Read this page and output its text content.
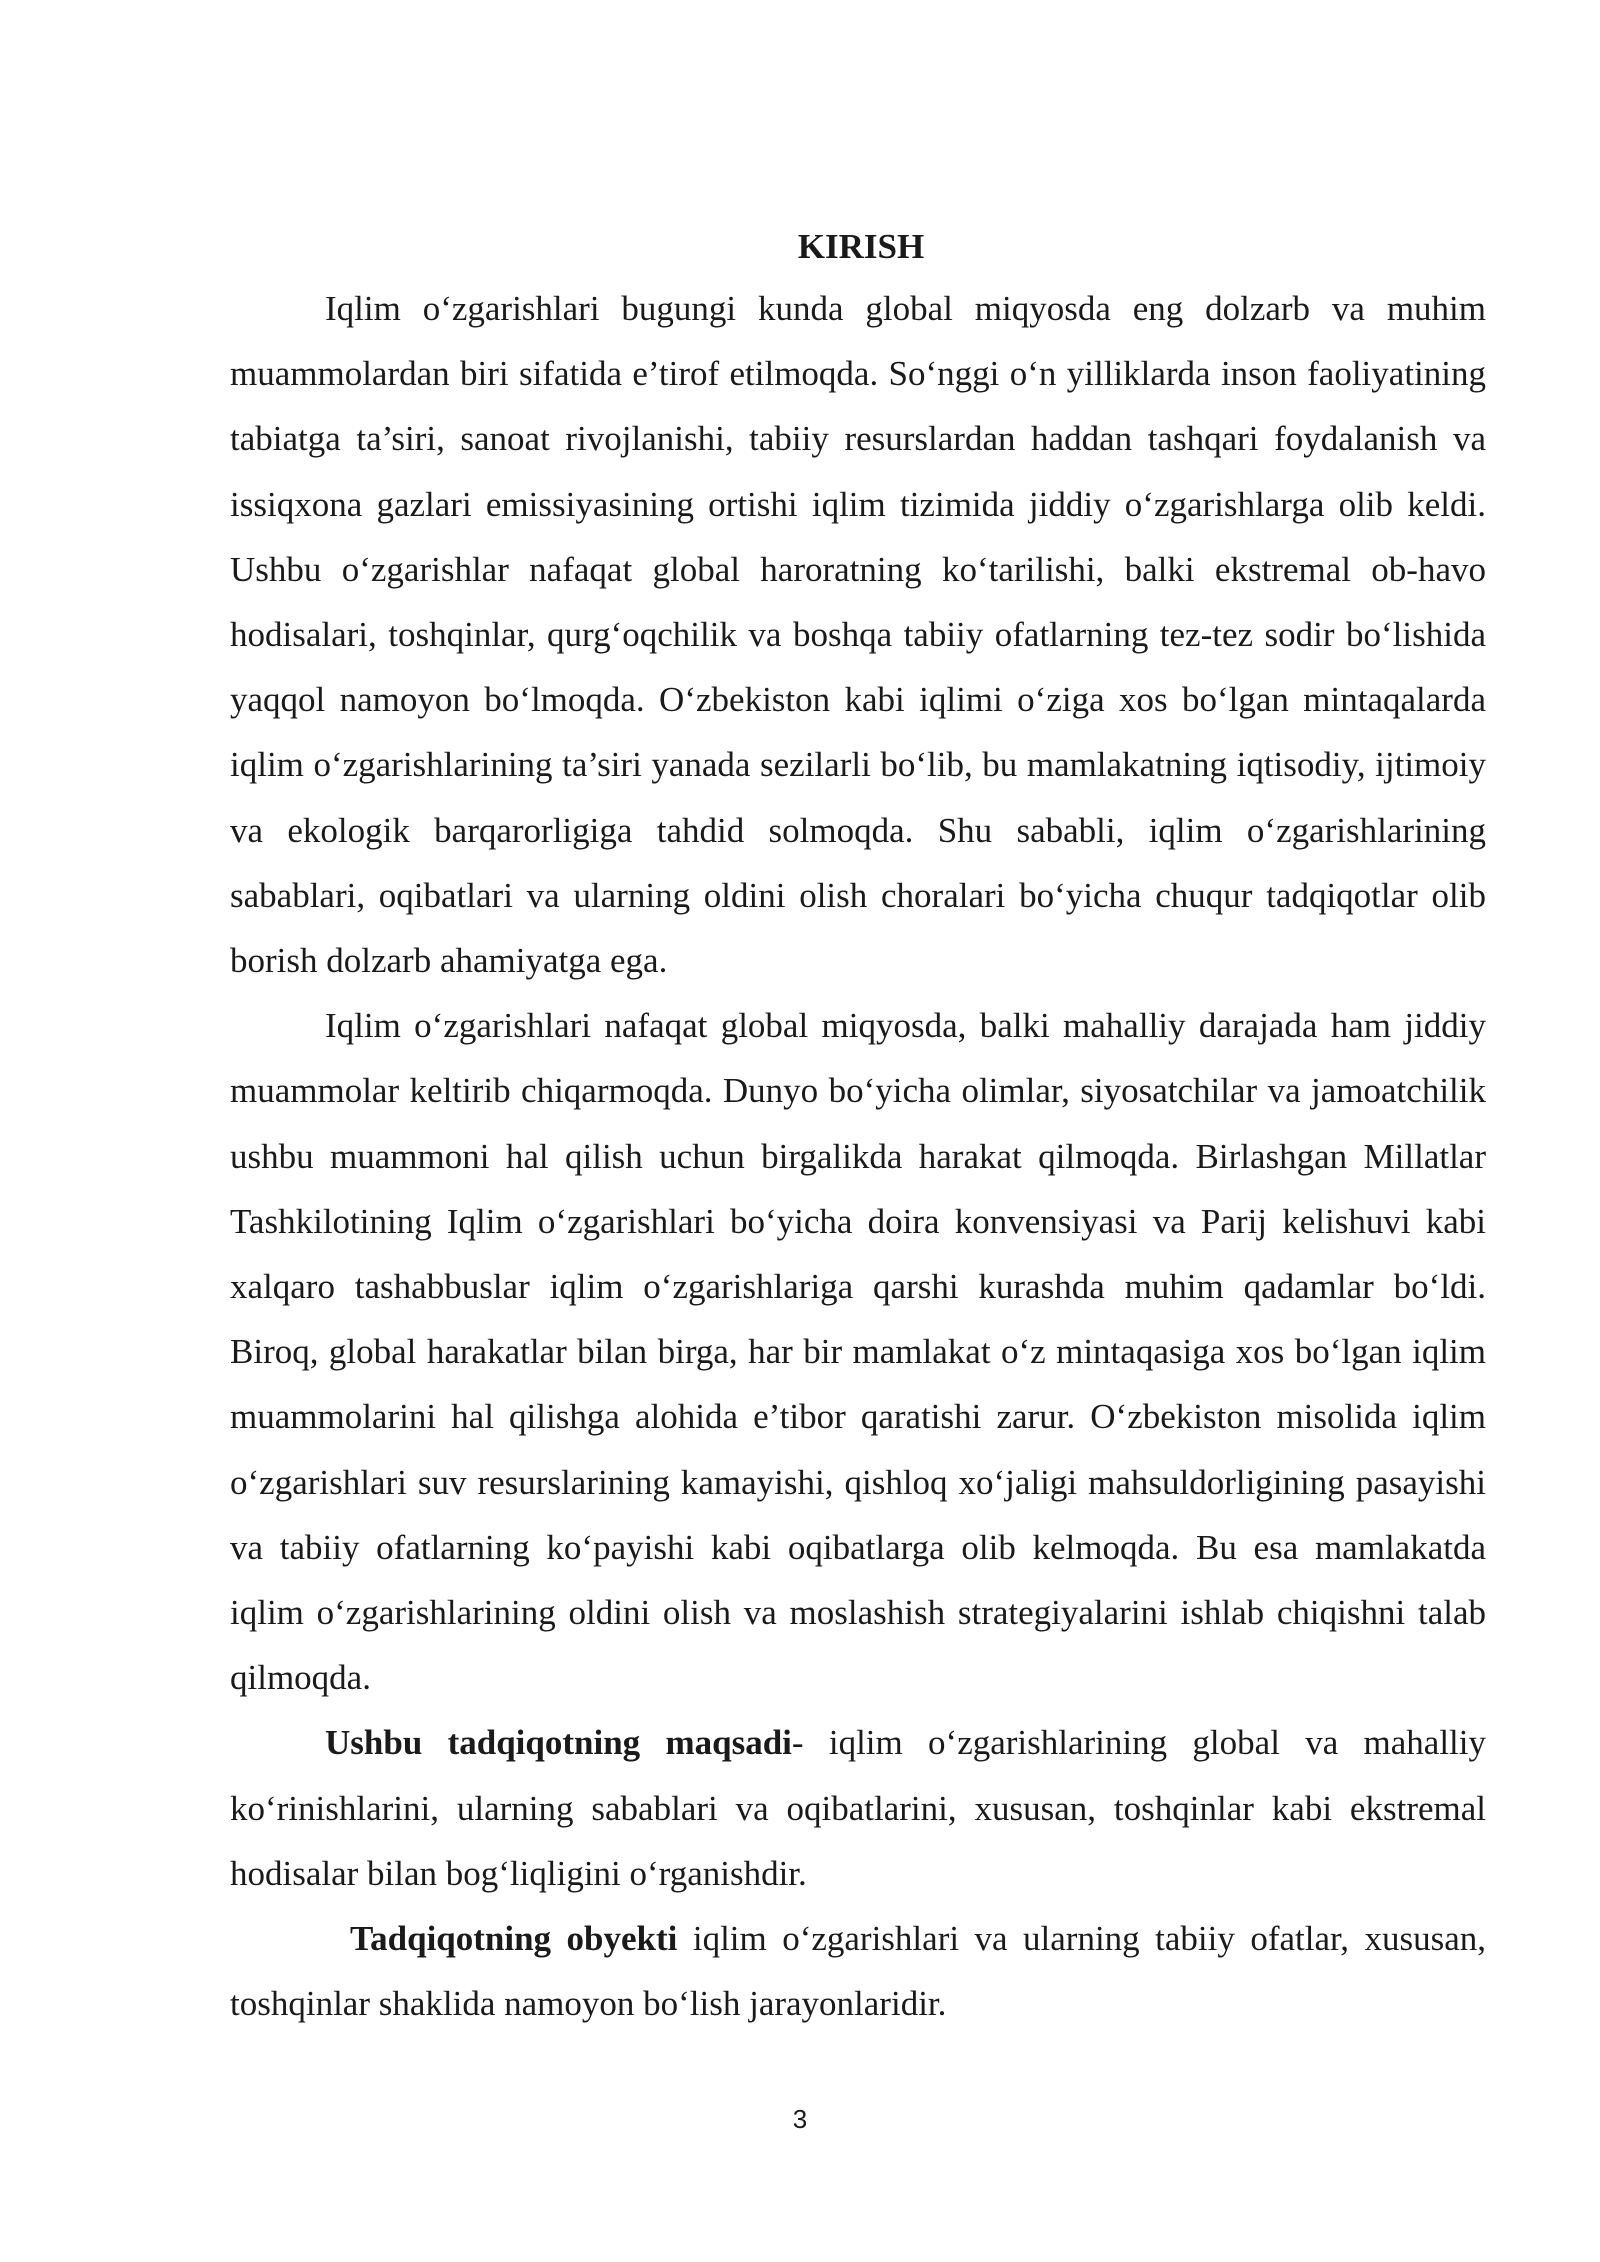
KIRISH

Iqlim o‘zgarishlari bugungi kunda global miqyosda eng dolzarb va muhim muammolardan biri sifatida e’tirof etilmoqda. So‘nggi o‘n yilliklarda inson faoliyatining tabiatga ta’siri, sanoat rivojlanishi, tabiiy resurslardan haddan tashqari foydalanish va issiqxona gazlari emissiyasining ortishi iqlim tizimida jiddiy o‘zgarishlarga olib keldi. Ushbu o‘zgarishlar nafaqat global haroratning ko‘tarilishi, balki ekstremal ob-havo hodisalari, toshqinlar, qurg‘oqchilik va boshqa tabiiy ofatlarning tez-tez sodir bo‘lishida yaqqol namoyon bo‘lmoqda. O‘zbekiston kabi iqlimi o‘ziga xos bo‘lgan mintaqalarda iqlim o‘zgarishlarining ta’siri yanada sezilarli bo‘lib, bu mamlakatning iqtisodiy, ijtimoiy va ekologik barqarorligiga tahdid solmoqda. Shu sababli, iqlim o‘zgarishlarining sabablari, oqibatlari va ularning oldini olish choralari bo‘yicha chuqur tadqiqotlar olib borish dolzarb ahamiyatga ega.

Iqlim o‘zgarishlari nafaqat global miqyosda, balki mahalliy darajada ham jiddiy muammolar keltirib chiqarmoqda. Dunyo bo‘yicha olimlar, siyosatchilar va jamoatchilik ushbu muammoni hal qilish uchun birgalikda harakat qilmoqda. Birlashgan Millatlar Tashkilotining Iqlim o‘zgarishlari bo‘yicha doira konvensiyasi va Parij kelishuvi kabi xalqaro tashabbuslar iqlim o‘zgarishlariga qarshi kurashda muhim qadamlar bo‘ldi. Biroq, global harakatlar bilan birga, har bir mamlakat o‘z mintaqasiga xos bo‘lgan iqlim muammolarini hal qilishga alohida e’tibor qaratishi zarur. O‘zbekiston misolida iqlim o‘zgarishlari suv resurslarining kamayishi, qishloq xo‘jaligi mahsuldorligining pasayishi va tabiiy ofatlarning ko‘payishi kabi oqibatlarga olib kelmoqda. Bu esa mamlakatda iqlim o‘zgarishlarining oldini olish va moslashish strategiyalarini ishlab chiqishni talab qilmoqda.

Ushbu tadqiqotning maqsadi- iqlim o‘zgarishlarining global va mahalliy ko‘rinishlarini, ularning sabablari va oqibatlarini, xususan, toshqinlar kabi ekstremal hodisalar bilan bog‘liqligini o‘rganishdir.

Tadqiqotning obyekti iqlim o‘zgarishlari va ularning tabiiy ofatlar, xususan, toshqinlar shaklida namoyon bo‘lish jarayonlaridir.

3
